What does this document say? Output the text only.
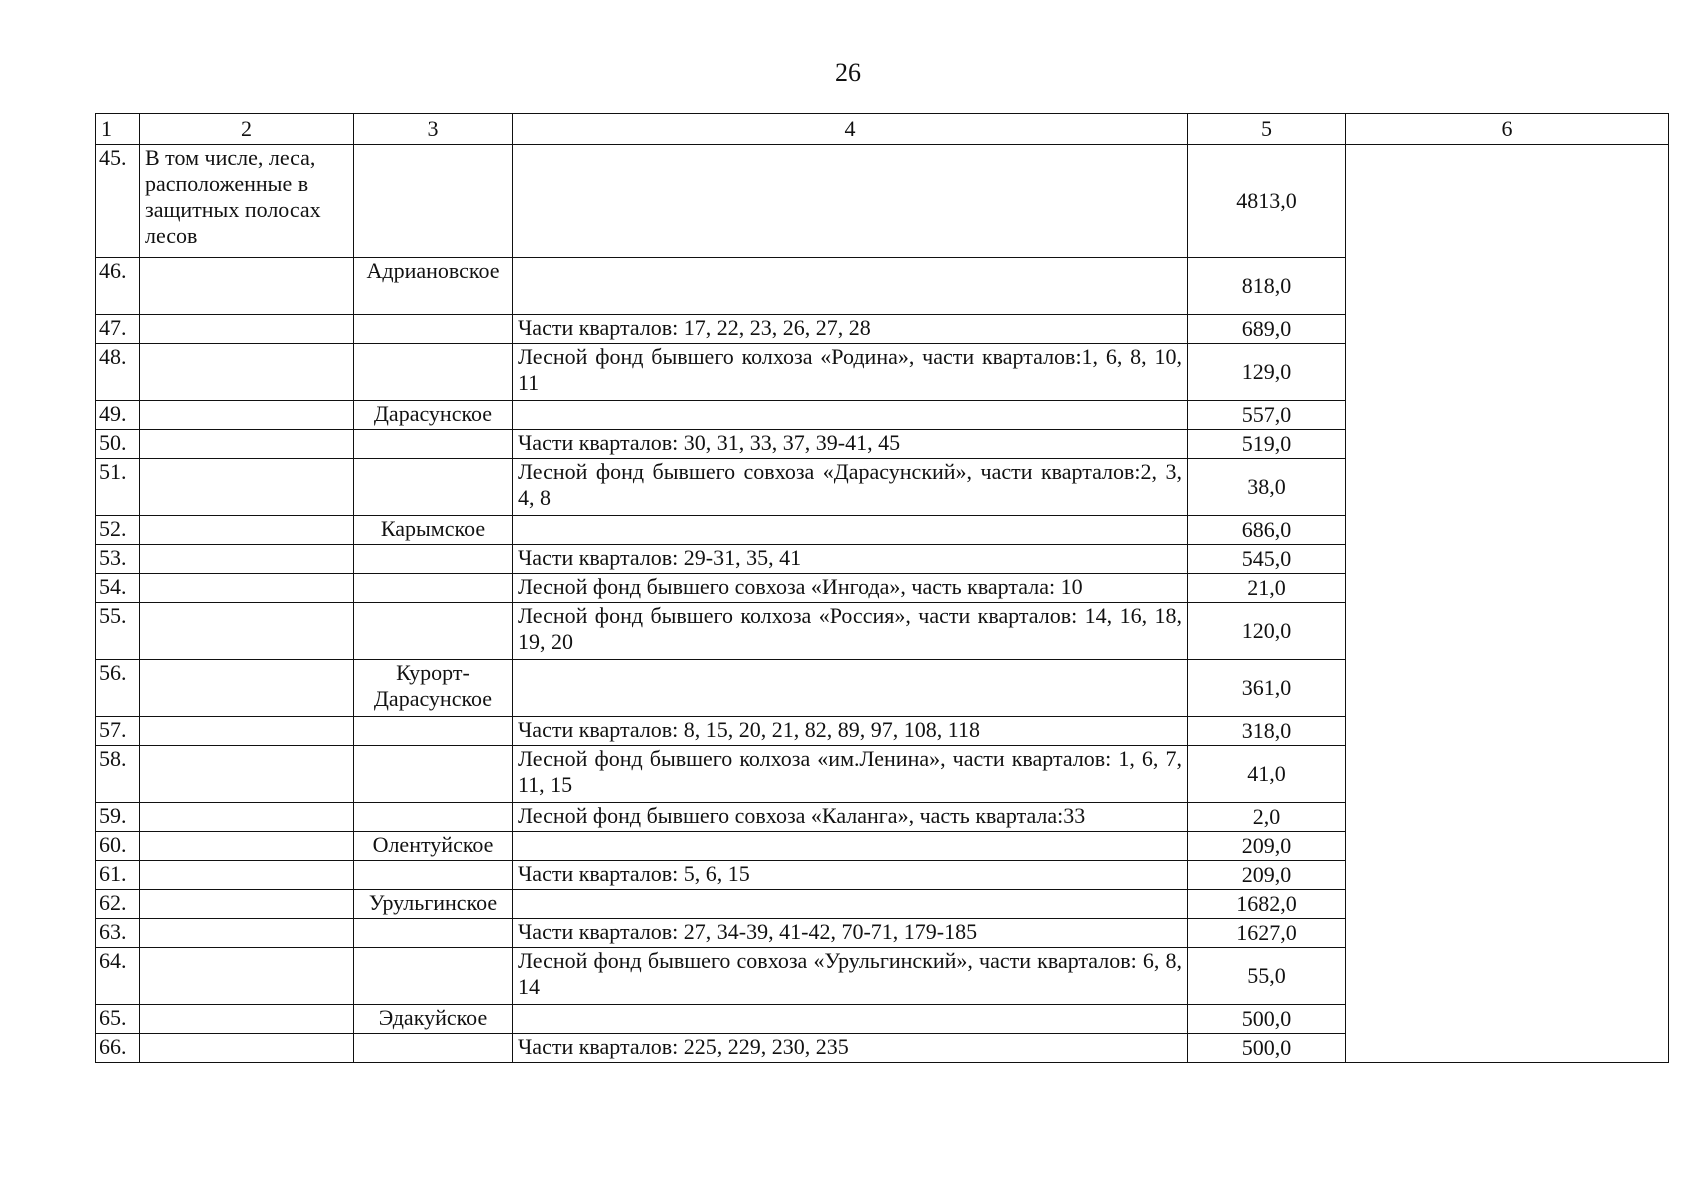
26
1	2	3	4	5	6
45.	В том числе, леса, расположенные в защитных полосах лесов			4813,0	
46.		Адриановское		818,0	
47.			Части кварталов: 17, 22, 23, 26, 27, 28	689,0	
48.			Лесной фонд бывшего колхоза «Родина», части кварталов:1, 6, 8, 10, 11	129,0	
49.		Дарасунское		557,0	
50.			Части кварталов: 30, 31, 33, 37, 39-41, 45	519,0	
51.			Лесной фонд бывшего совхоза «Дарасунский», части кварталов:2, 3, 4, 8	38,0	
52.		Карымское		686,0	
53.			Части кварталов: 29-31, 35, 41	545,0	
54.			Лесной фонд бывшего совхоза «Ингода», часть квартала: 10	21,0	
55.			Лесной фонд бывшего колхоза «Россия», части кварталов: 14, 16, 18, 19, 20	120,0	
56.		Курорт-Дарасунское		361,0	
57.			Части кварталов: 8, 15, 20, 21, 82, 89, 97, 108, 118	318,0	
58.			Лесной фонд бывшего колхоза «им.Ленина», части кварталов: 1, 6, 7, 11, 15	41,0	
59.			Лесной фонд бывшего совхоза «Каланга», часть квартала:33	2,0	
60.		Олентуйское		209,0	
61.			Части кварталов: 5, 6, 15	209,0	
62.		Урульгинское		1682,0	
63.			Части кварталов: 27, 34-39, 41-42, 70-71, 179-185	1627,0	
64.			Лесной фонд бывшего совхоза «Урульгинский», части кварталов: 6, 8, 14	55,0	
65.		Эдакуйское		500,0	
66.			Части кварталов: 225, 229, 230, 235	500,0	
